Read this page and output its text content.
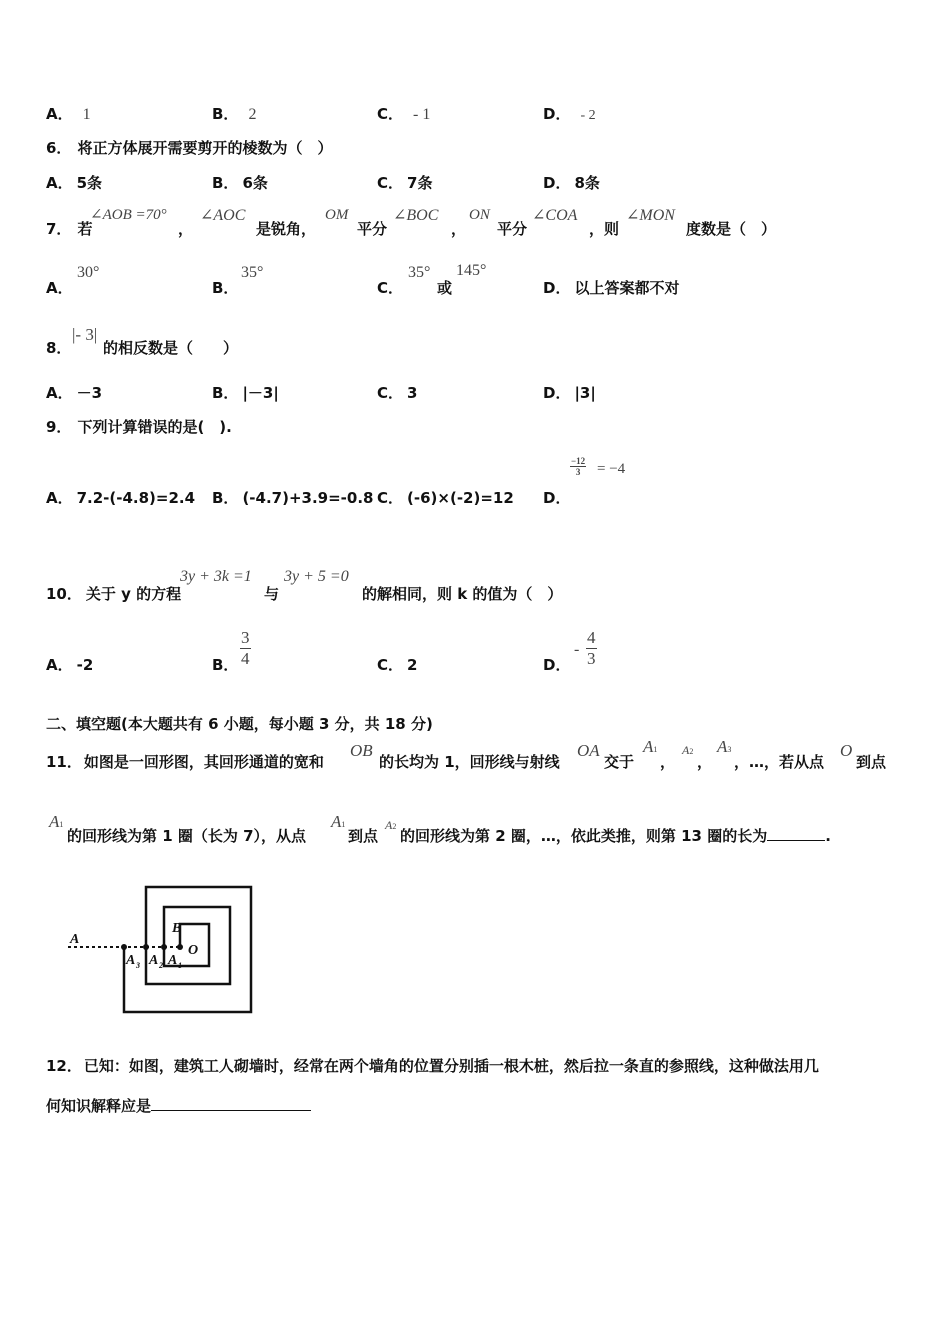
A． 1	B． 2	C． - 1	D． - 2
6． 将正方体展开需要剪开的棱数为（　）
A． 5条	B． 6条	C． 7条	D． 8条
7． 若
∠AOB =70°
，
∠AOC
是锐角，
OM
平分
∠BOC
，
ON
平分
∠COA
，则
∠MON
度数是（　）
A．
30°
B．
35°
C．
35°
或
145°
D． 以上答案都不对
8．
|- 3|
的相反数是（　　）
A． －3	B． |－3|	C． 3	D． |3|
9． 下列计算错误的是(　).
A． 7.2-(-4.8)=2.4 B． (-4.7)+3.9=-0.8 C． (-6)×(-2)=12 D．
$\frac{-12}{3} = -4$
10． 关于 y 的方程
3y + 3k =1
与
3y + 5 =0
的解相同，则 k 的值为（　）
A． -2	B． $\frac{3}{4}$	C． 2	D．
- $\frac{4}{3}$
二、填空题(本大题共有 6 小题，每小题 3 分，共 18 分)
11． 如图是一回形图，其回形通道的宽和
OB
的长均为 1，回形线与射线
OA
交于
A1
，
A2
，
A3
，…，若从点
O
到点
A1
的回形线为第 1 圈（长为 7），从点
A1
到点
A2
的回形线为第 2 圈，…，依此类推，则第 13 圈的长为	.
A
A 3 A 2 A 1
B
O
12． 已知：如图，建筑工人砌墙时，经常在两个墙角的位置分别插一根木桩，然后拉一条直的参照线，这种做法用几
何知识解释应是
